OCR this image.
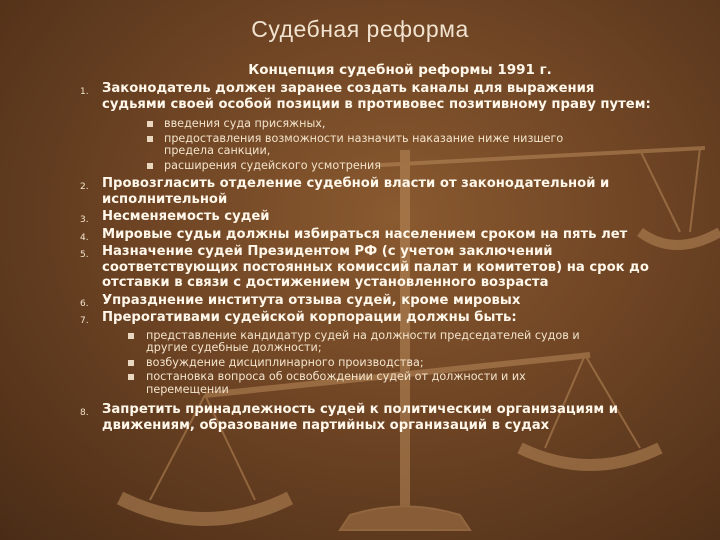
Судебная реформа
Концепция судебной реформы 1991 г.
1. Законодатель должен заранее создать каналы для выражения
судьями своей особой позиции в противовес позитивному праву путем:
введения суда присяжных,
предоставления возможности назначить наказание ниже низшего
предела санкции,
расширения судейского усмотрения
2. Провозгласить отделение судебной власти от законодательной и
исполнительной
3. Несменяемость судей
4. Мировые судьи должны избираться населением сроком на пять лет
5. Назначение судей Президентом РФ (с учетом заключений
соответствующих постоянных комиссий палат и комитетов) на срок до
отставки в связи с достижением установленного возраста
6. Упразднение института отзыва судей, кроме мировых
7. Прерогативами судейской корпорации должны быть:
представление кандидатур судей на должности председателей судов и
другие судебные должности;
возбуждение дисциплинарного производства;
постановка вопроса об освобождении судей от должности и их
перемещении
8. Запретить принадлежность судей к политическим организациям и
движениям, образование партийных организаций в судах
